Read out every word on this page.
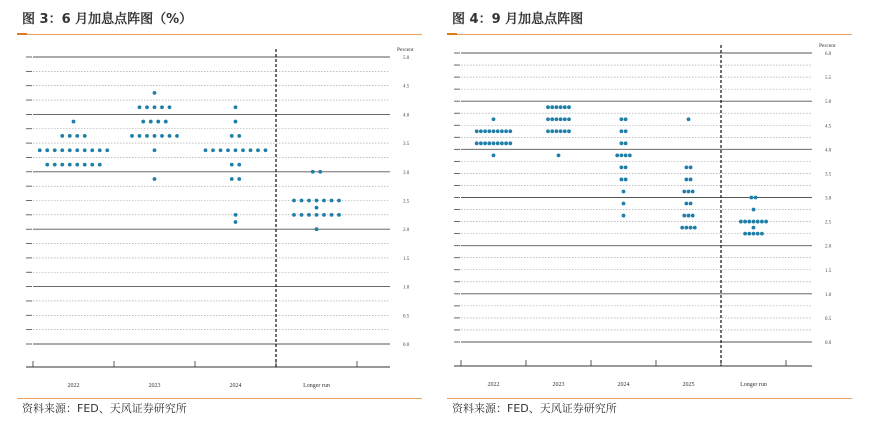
图 3：6 月加息点阵图（%）
0.0
0.5
1.0
1.5
2.0
2.5
3.0
3.5
4.0
4.5
5.0
Percent
2022	2023	2024	Longer run
资料来源：FED、天风证券研究所
图 4：9 月加息点阵图
0.0
0.5
1.0
1.5
2.0
2.5
3.0
3.5
4.0
4.5
5.0
5.5
6.0
Percent
2022	2023	2024	2025	Longer run
资料来源：FED、天风证券研究所
